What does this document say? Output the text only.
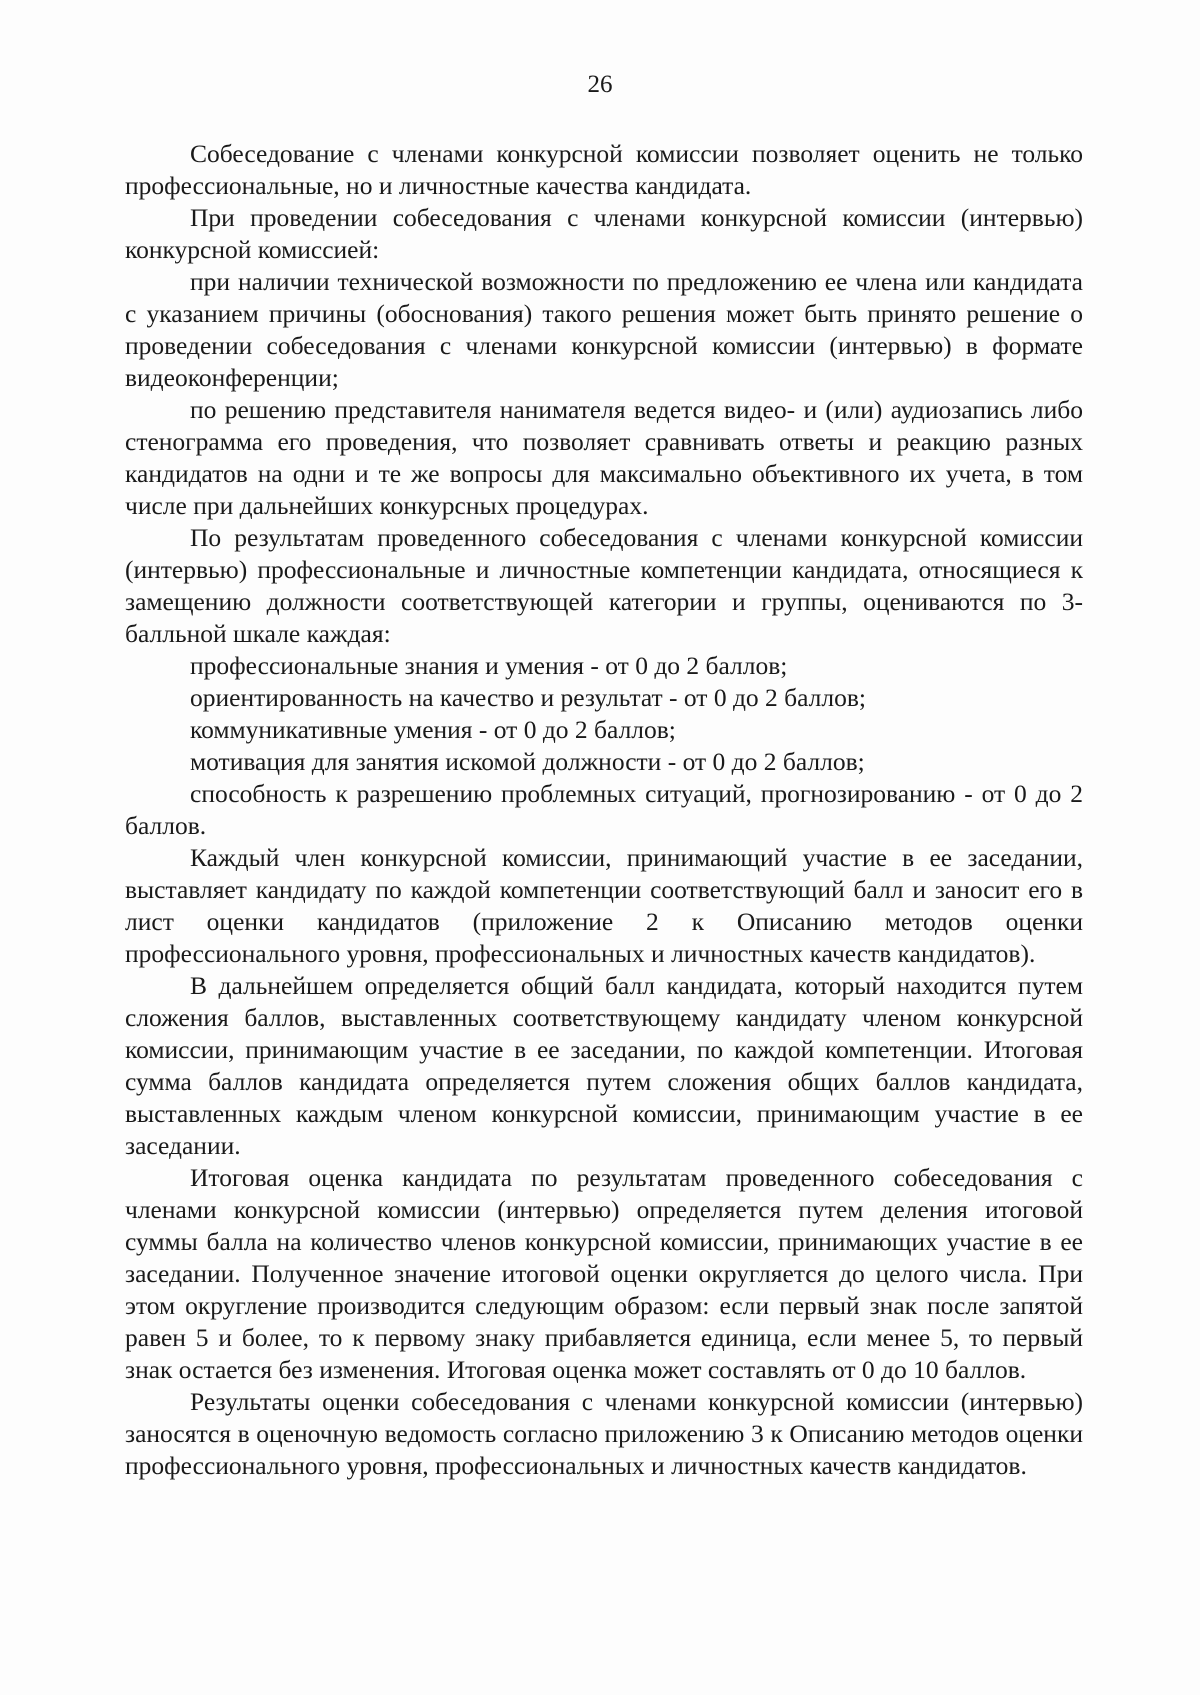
26

Собеседование с членами конкурсной комиссии позволяет оценить не только профессиональные, но и личностные качества кандидата.

При проведении собеседования с членами конкурсной комиссии (интервью) конкурсной комиссией:

при наличии технической возможности по предложению ее члена или кандидата с указанием причины (обоснования) такого решения может быть принято решение о проведении собеседования с членами конкурсной комиссии (интервью) в формате видеоконференции;

по решению представителя нанимателя ведется видео- и (или) аудиозапись либо стенограмма его проведения, что позволяет сравнивать ответы и реакцию разных кандидатов на одни и те же вопросы для максимально объективного их учета, в том числе при дальнейших конкурсных процедурах.

По результатам проведенного собеседования с членами конкурсной комиссии (интервью) профессиональные и личностные компетенции кандидата, относящиеся к замещению должности соответствующей категории и группы, оцениваются по 3-балльной шкале каждая:

профессиональные знания и умения - от 0 до 2 баллов;

ориентированность на качество и результат - от 0 до 2 баллов;

коммуникативные умения - от 0 до 2 баллов;

мотивация для занятия искомой должности - от 0 до 2 баллов;

способность к разрешению проблемных ситуаций, прогнозированию - от 0 до 2 баллов.

Каждый член конкурсной комиссии, принимающий участие в ее заседании, выставляет кандидату по каждой компетенции соответствующий балл и заносит его в лист оценки кандидатов (приложение 2 к Описанию методов оценки профессионального уровня, профессиональных и личностных качеств кандидатов).

В дальнейшем определяется общий балл кандидата, который находится путем сложения баллов, выставленных соответствующему кандидату членом конкурсной комиссии, принимающим участие в ее заседании, по каждой компетенции. Итоговая сумма баллов кандидата определяется путем сложения общих баллов кандидата, выставленных каждым членом конкурсной комиссии, принимающим участие в ее заседании.

Итоговая оценка кандидата по результатам проведенного собеседования с членами конкурсной комиссии (интервью) определяется путем деления итоговой суммы балла на количество членов конкурсной комиссии, принимающих участие в ее заседании. Полученное значение итоговой оценки округляется до целого числа. При этом округление производится следующим образом: если первый знак после запятой равен 5 и более, то к первому знаку прибавляется единица, если менее 5, то первый знак остается без изменения. Итоговая оценка может составлять от 0 до 10 баллов.

Результаты оценки собеседования с членами конкурсной комиссии (интервью) заносятся в оценочную ведомость согласно приложению 3 к Описанию методов оценки профессионального уровня, профессиональных и личностных качеств кандидатов.
